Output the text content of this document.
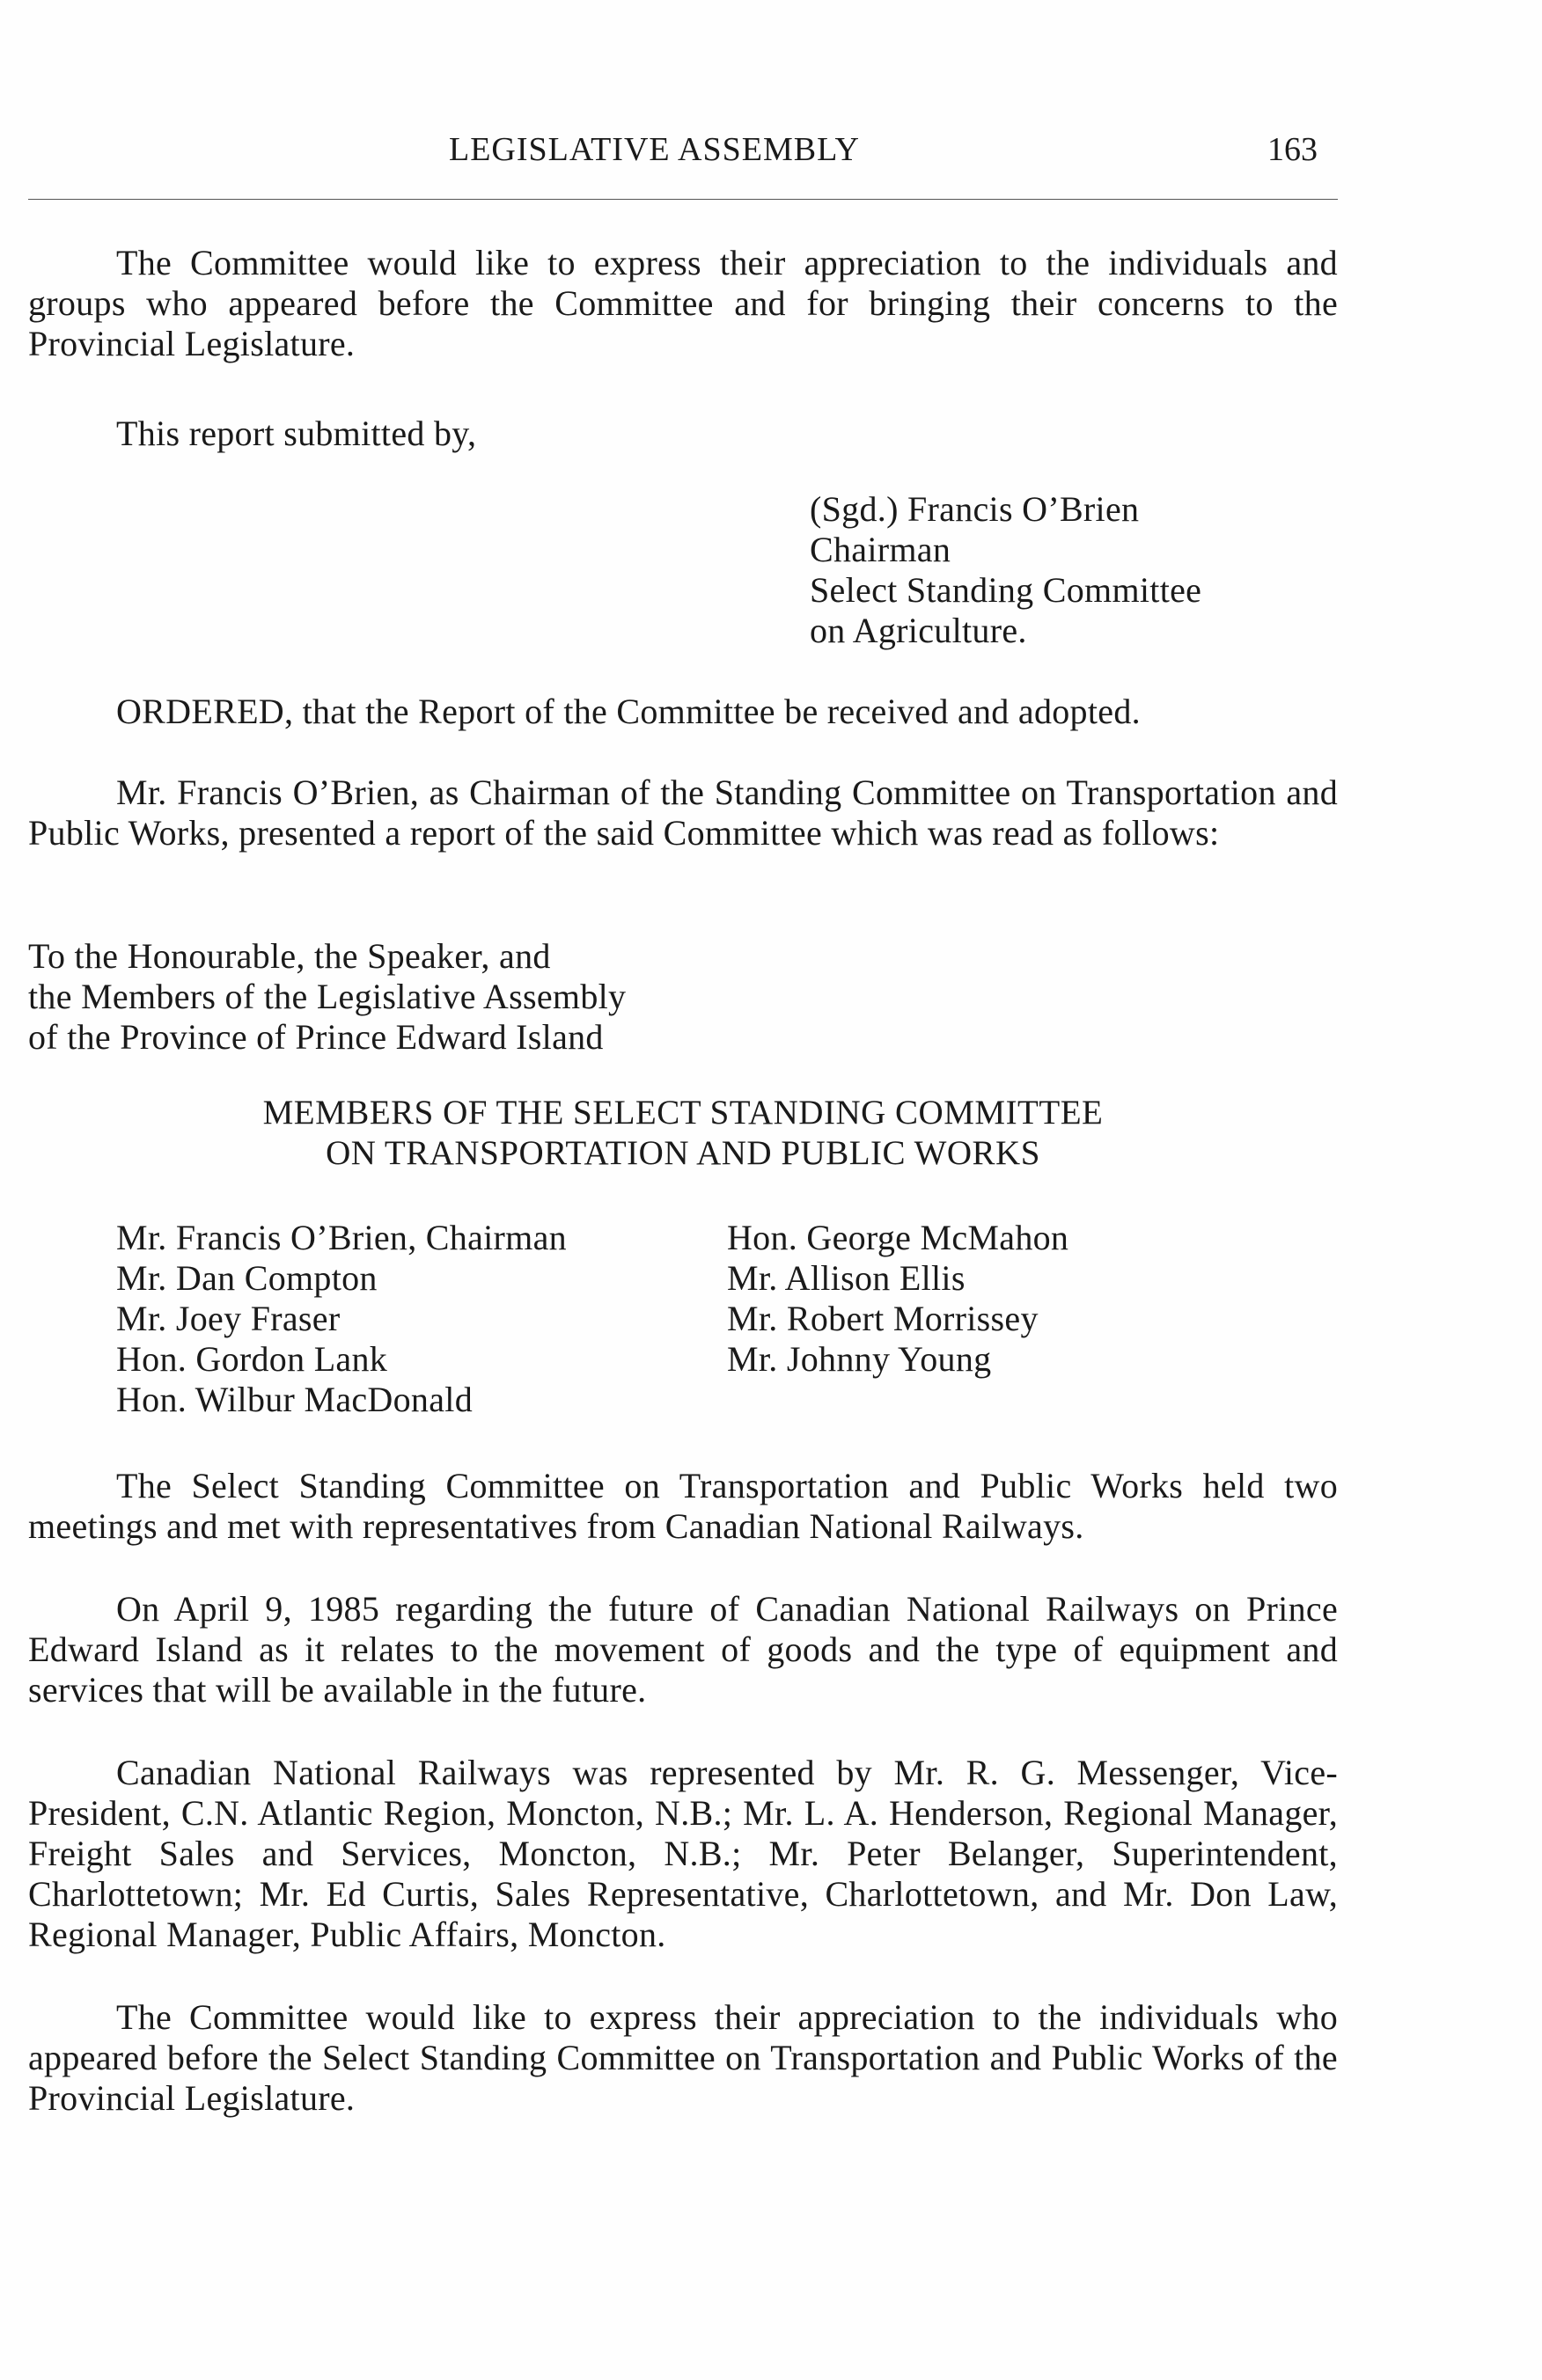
LEGISLATIVE ASSEMBLY	163
The Committee would like to express their appreciation to the individuals and groups who appeared before the Committee and for bringing their concerns to the Provincial Legislature.
This report submitted by,
(Sgd.) Francis O’Brien
Chairman
Select Standing Committee
on Agriculture.
ORDERED, that the Report of the Committee be received and adopted.
Mr. Francis O’Brien, as Chairman of the Standing Committee on Transportation and Public Works, presented a report of the said Committee which was read as follows:
To the Honourable, the Speaker, and
the Members of the Legislative Assembly
of the Province of Prince Edward Island
MEMBERS OF THE SELECT STANDING COMMITTEE
ON TRANSPORTATION AND PUBLIC WORKS
Mr. Francis O’Brien, Chairman
Mr. Dan Compton
Mr. Joey Fraser
Hon. Gordon Lank
Hon. Wilbur MacDonald
Hon. George McMahon
Mr. Allison Ellis
Mr. Robert Morrissey
Mr. Johnny Young
The Select Standing Committee on Transportation and Public Works held two meetings and met with representatives from Canadian National Railways.
On April 9, 1985 regarding the future of Canadian National Railways on Prince Edward Island as it relates to the movement of goods and the type of equipment and services that will be available in the future.
Canadian National Railways was represented by Mr. R. G. Messenger, Vice-President, C.N. Atlantic Region, Moncton, N.B.; Mr. L. A. Henderson, Regional Manager, Freight Sales and Services, Moncton, N.B.; Mr. Peter Belanger, Superintendent, Charlottetown; Mr. Ed Curtis, Sales Representative, Charlottetown, and Mr. Don Law, Regional Manager, Public Affairs, Moncton.
The Committee would like to express their appreciation to the individuals who appeared before the Select Standing Committee on Transportation and Public Works of the Provincial Legislature.
